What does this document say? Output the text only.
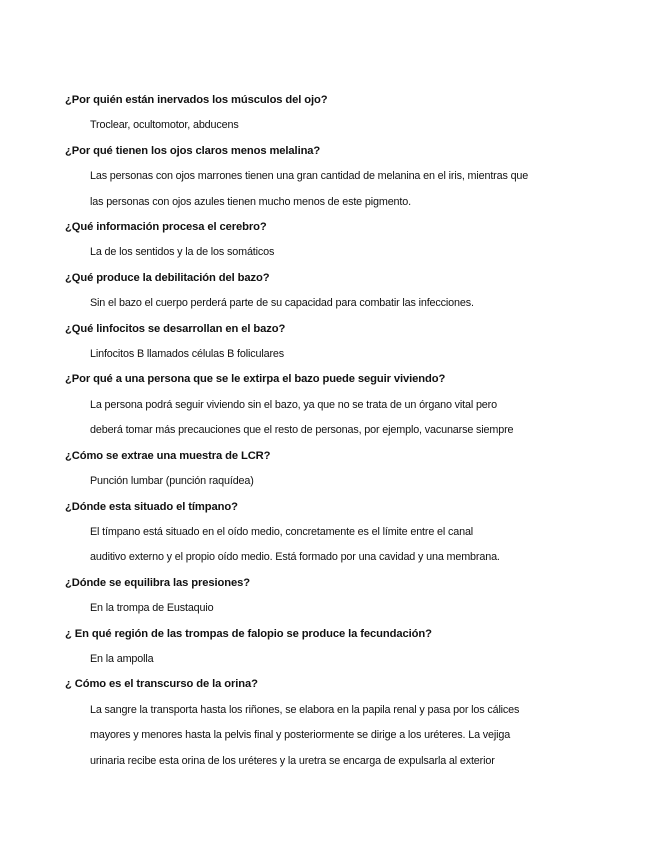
¿Por quién están inervados los músculos del ojo?
Troclear, ocultomotor, abducens
¿Por qué tienen los ojos claros menos melalina?
Las personas con ojos marrones tienen una gran cantidad de melanina en el iris, mientras que
las personas con ojos azules tienen mucho menos de este pigmento.
¿Qué información procesa el cerebro?
La de los sentidos y la de los somáticos
¿Qué produce la debilitación del bazo?
Sin el bazo el cuerpo perderá parte de su capacidad para combatir las infecciones.
¿Qué linfocitos se desarrollan en el bazo?
Linfocitos B llamados células B foliculares
¿Por qué a una persona que se le extirpa el bazo puede seguir viviendo?
La persona podrá seguir viviendo sin el bazo, ya que no se trata de un órgano vital pero
deberá tomar más precauciones que el resto de personas, por ejemplo, vacunarse siempre
¿Cómo se extrae una muestra de LCR?
Punción lumbar (punción raquídea)
¿Dónde esta situado el tímpano?
El tímpano está situado en el oído medio, concretamente es el límite entre el canal
auditivo externo y el propio oído medio. Está formado por una cavidad y una membrana.
¿Dónde se equilibra las presiones?
En la trompa de Eustaquio
¿ En qué región de las trompas de falopio se produce la fecundación?
En la ampolla
¿ Cómo es el transcurso de la orina?
La sangre la transporta hasta los riñones, se elabora en la papila renal y pasa por los cálices
mayores y menores hasta la pelvis final y posteriormente se dirige a los uréteres. La vejiga
urinaria recibe esta orina de los uréteres y la uretra se encarga de expulsarla al exterior
